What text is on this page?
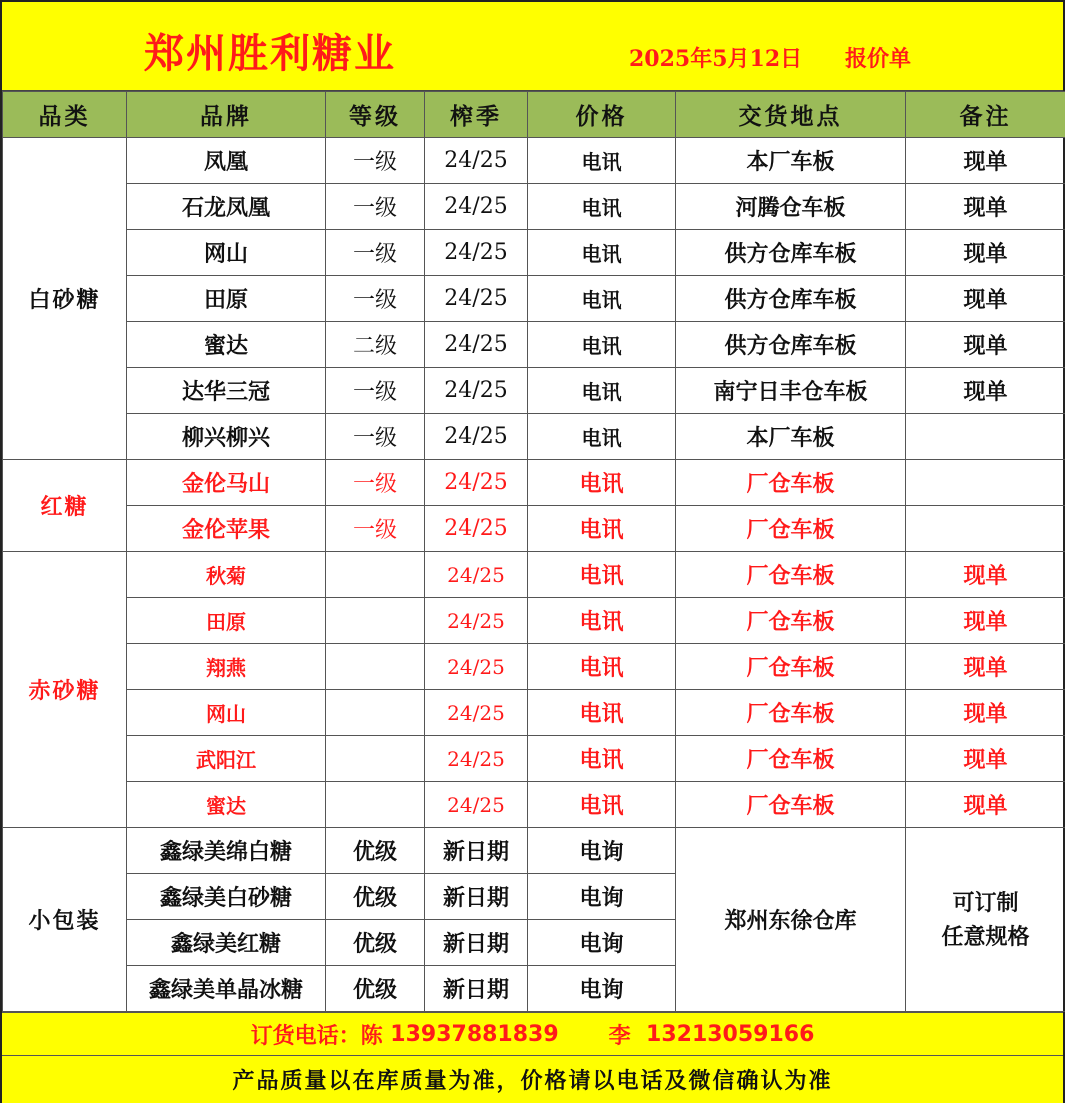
郑州胜利糖业	2025年5月12日 报价单
品类	品牌	等级	榨季	价格	交货地点	备注
白砂糖	凤凰	一级	24/25	电讯	本厂车板	现单
	石龙凤凰	一级	24/25	电讯	河腾仓车板	现单
	网山	一级	24/25	电讯	供方仓库车板	现单
	田原	一级	24/25	电讯	供方仓库车板	现单
	蜜达	二级	24/25	电讯	供方仓库车板	现单
	达华三冠	一级	24/25	电讯	南宁日丰仓车板	现单
	柳兴柳兴	一级	24/25	电讯	本厂车板	
红糖	金伦马山	一级	24/25	电讯	厂仓车板	
	金伦苹果	一级	24/25	电讯	厂仓车板	
赤砂糖	秋菊		24/25	电讯	厂仓车板	现单
	田原		24/25	电讯	厂仓车板	现单
	翔燕		24/25	电讯	厂仓车板	现单
	网山		24/25	电讯	厂仓车板	现单
	武阳江		24/25	电讯	厂仓车板	现单
	蜜达		24/25	电讯	厂仓车板	现单
小包装	鑫绿美绵白糖	优级	新日期	电询	郑州东徐仓库	可订制
任意规格

	鑫绿美白砂糖	优级	新日期	电询		
	鑫绿美红糖	优级	新日期	电询		
	鑫绿美单晶冰糖	优级	新日期	电询		
订货电话：陈
13937881839 李
13213059166
产品质量以在库质量为准，价格请以电话及微信确认为准
